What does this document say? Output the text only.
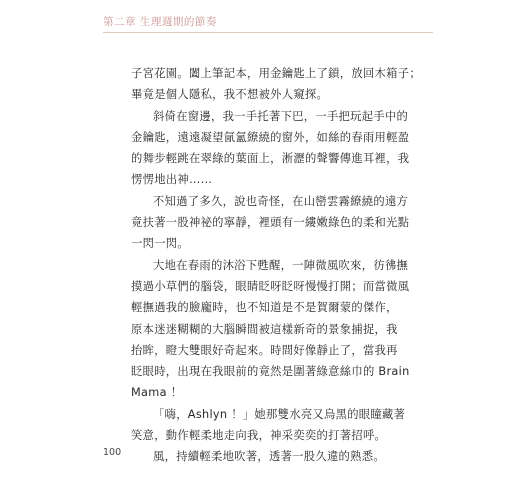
第二章 生理週期的節奏
子宮花園。闔上筆記本，用金鑰匙上了鎖，放回木箱子；
畢竟是個人隱私，我不想被外人窺探。
斜倚在窗邊，我一手托著下巴，一手把玩起手中的
金鑰匙，遠遠凝望氤氳繚繞的窗外，如絲的春雨用輕盈
的舞步輕跳在翠綠的葉面上，淅瀝的聲響傳進耳裡，我
愣愣地出神……
不知過了多久，說也奇怪，在山巒雲霧繚繞的遠方
竟扶著一股神祕的寧靜，裡頭有一縷嫩綠色的柔和光點
一閃一閃。
大地在春雨的沐浴下甦醒，一陣微風吹來，彷彿撫
摸過小草們的腦袋，眼睛眨呀眨呀慢慢打開；而當微風
輕撫過我的臉龐時，也不知道是不是賀爾蒙的傑作，
原本迷迷糊糊的大腦瞬間被這樣新奇的景象捕捉，我
抬眸，瞪大雙眼好奇起來。時間好像靜止了，當我再
眨眼時，出現在我眼前的竟然是圍著綠意絲巾的 Brain
Mama ！
「嗨，Ashlyn ！」她那雙水亮又烏黑的眼瞳藏著
笑意，動作輕柔地走向我，神采奕奕的打著招呼。
風，持續輕柔地吹著，透著一股久違的熟悉。
100
